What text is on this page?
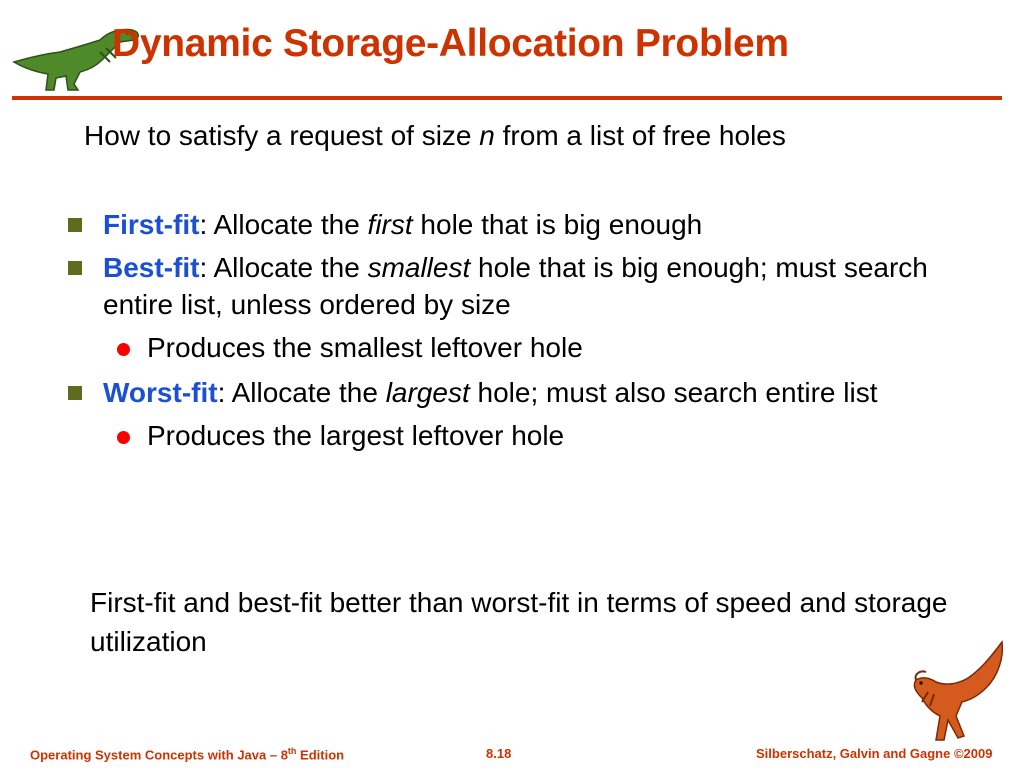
Dynamic Storage-Allocation Problem
How to satisfy a request of size n from a list of free holes
First-fit: Allocate the first hole that is big enough
Best-fit: Allocate the smallest hole that is big enough; must search entire list, unless ordered by size
Produces the smallest leftover hole
Worst-fit: Allocate the largest hole; must also search entire list
Produces the largest leftover hole
First-fit and best-fit better than worst-fit in terms of speed and storage utilization
Operating System Concepts with Java – 8th Edition	8.18	Silberschatz, Galvin and Gagne ©2009
